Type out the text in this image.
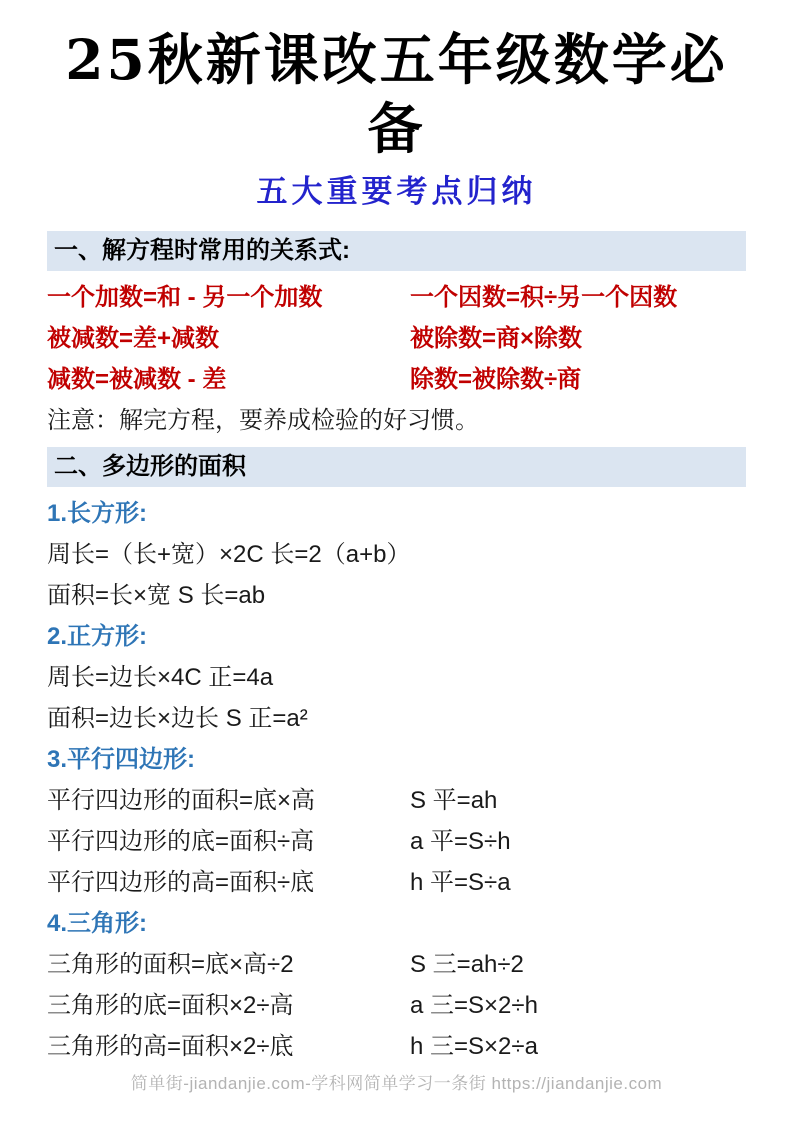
25秋新课改五年级数学必备
五大重要考点归纳
一、解方程时常用的关系式:
一个加数=和 - 另一个加数	一个因数=积÷另一个因数
被减数=差+减数	被除数=商×除数
减数=被减数 - 差	除数=被除数÷商
注意：解完方程，要养成检验的好习惯。
二、多边形的面积
1.长方形:
周长=（长+宽）×2C 长=2（a+b）
面积=长×宽 S 长=ab
2.正方形:
周长=边长×4C 正=4a
面积=边长×边长 S 正=a²
3.平行四边形:
平行四边形的面积=底×高	S 平=ah
平行四边形的底=面积÷高	a 平=S÷h
平行四边形的高=面积÷底	h 平=S÷a
4.三角形:
三角形的面积=底×高÷2	S 三=ah÷2
三角形的底=面积×2÷高	a 三=S×2÷h
三角形的高=面积×2÷底	h 三=S×2÷a
简单街-jiandanjie.com-学科网简单学习一条街 https://jiandanjie.com
